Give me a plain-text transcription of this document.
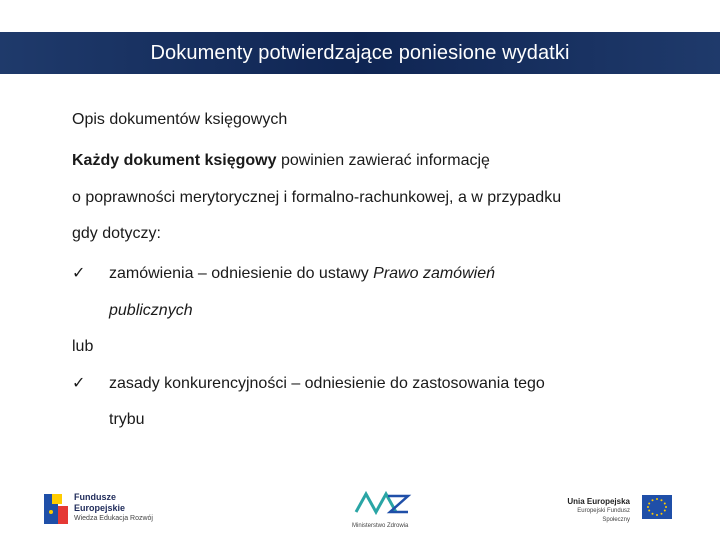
Dokumenty potwierdzające poniesione wydatki
Opis dokumentów księgowych
Każdy dokument księgowy powinien zawierać informację
o poprawności merytorycznej i formalno-rachunkowej, a w przypadku
gdy dotyczy:
✓ zamówienia – odniesienie do ustawy Prawo zamówień
publicznych
lub
✓ zasady konkurencyjności – odniesienie do zastosowania tego
trybu
Fundusze
Europejskie
Wiedza Edukacja Rozwój
Ministerstwo Zdrowia
Unia Europejska
Europejski Fundusz Społeczny
